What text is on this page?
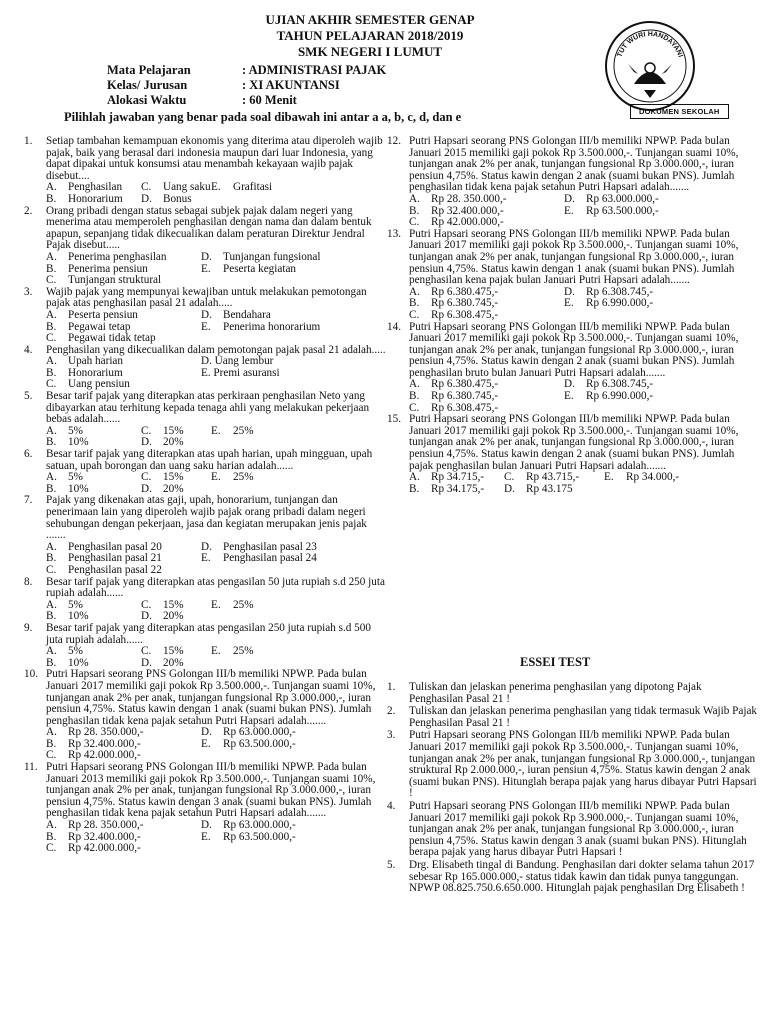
UJIAN AKHIR SEMESTER GENAP
TAHUN PELAJARAN 2018/2019
SMK NEGERI I LUMUT
Mata Pelajaran	: ADMINISTRASI PAJAK
Kelas/ Jurusan	: XI AKUNTANSI
Alokasi Waktu	: 60 Menit
Pilihlah jawaban yang benar pada soal dibawah ini antar a a, b, c, d, dan e
TUT WURI HANDAYANI
DOKUMEN SEKOLAH
1.	Setiap tambahan kemampuan ekonomis yang diterima atau diperoleh wajib pajak, baik yang berasal dari indonesia maupun dari luar Indonesia, yang dapat dipakai untuk konsumsi atau menambah kekayaan wajib pajak disebut....
A. Penghasilan C.	Uang saku E.	Grafitasi
B.	Honorarium D. Bonus
2.	Orang pribadi dengan status sebagai subjek pajak dalam negeri yang menerima atau memperoleh penghasilan dengan nama dan dalam bentuk apapun, sepanjang tidak dikecualikan dalam peraturan Direktur Jendral Pajak disebut.....
A. Penerima penghasilan	D. Tunjangan fungsional
B.	Penerima pensiun	E.	Peserta kegiatan
C.	Tunjangan struktural
3.	Wajib pajak yang mempunyai kewajiban untuk melakukan pemotongan pajak atas penghasilan pasal 21 adalah.....
A. Peserta pensiun	D. Bendahara
B.	Pegawai tetap	E.	Penerima honorarium
C.	Pegawai tidak tetap
4.	Penghasilan yang dikecualikan dalam pemotongan pajak pasal 21 adalah.....
A. Upah harian	D. Uang lembur
B.	Honorarium	E. Premi asuransi
C.	Uang pensiun
5.	Besar tarif pajak yang diterapkan atas perkiraan penghasilan Neto yang dibayarkan atau terhitung kepada tenaga ahli yang melakukan pekerjaan bebas adalah......
A. 5%	C.	15% E.	25%
B.	10%	D. 20%
6.	Besar tarif pajak yang diterapkan atas upah harian, upah mingguan, upah satuan, upah borongan dan uang saku harian adalah......
A. 5%	C.	15% E.	25%
B.	10%	D. 20%
7.	Pajak yang dikenakan atas gaji, upah, honorarium, tunjangan dan penerimaan lain yang diperoleh wajib pajak orang pribadi dalam negeri sehubungan dengan pekerjaan, jasa dan kegiatan merupakan jenis pajak .......
A. Penghasilan pasal 20	D. Penghasilan pasal 23
B.	Penghasilan pasal 21	E.	Penghasilan pasal 24
C.	Penghasilan pasal 22
8.	Besar tarif pajak yang diterapkan atas pengasilan 50 juta rupiah s.d 250 juta rupiah adalah......
A. 5%	C.	15% E.	25%
B.	10%	D. 20%
9.	Besar tarif pajak yang diterapkan atas pengasilan 250 juta rupiah s.d 500 juta rupiah adalah......
A. 5%	C.	15% E.	25%
B.	10%	D. 20%
10. Putri Hapsari seorang PNS Golongan III/b memiliki NPWP. Pada bulan Januari 2017 memiliki gaji pokok Rp 3.500.000,-. Tunjangan suami 10%, tunjangan anak 2% per anak, tunjangan fungsional Rp 3.000.000,-, iuran pensiun 4,75%. Status kawin dengan 1 anak (suami bukan PNS). Jumlah penghasilan tidak kena pajak setahun Putri Hapsari adalah.......
A. Rp 28. 350.000,-	D. Rp 63.000.000,-
B.	Rp 32.400.000,-	E.	Rp 63.500.000,-
C.	Rp 42.000.000,-
11. Putri Hapsari seorang PNS Golongan III/b memiliki NPWP. Pada bulan Januari 2013 memiliki gaji pokok Rp 3.500.000,-. Tunjangan suami 10%, tunjangan anak 2% per anak, tunjangan fungsional Rp 3.000.000,-, iuran pensiun 4,75%. Status kawin dengan 3 anak (suami bukan PNS). Jumlah penghasilan tidak kena pajak setahun Putri Hapsari adalah.......
A. Rp 28. 350.000,-	D. Rp 63.000.000,-
B.	Rp 32.400.000,-	E.	Rp 63.500.000,-
C.	Rp 42.000.000,-
12. Putri Hapsari seorang PNS Golongan III/b memiliki NPWP. Pada bulan Januari 2015 memiliki gaji pokok Rp 3.500.000,-. Tunjangan suami 10%, tunjangan anak 2% per anak, tunjangan fungsional Rp 3.000.000,-, iuran pensiun 4,75%. Status kawin dengan 2 anak (suami bukan PNS). Jumlah penghasilan tidak kena pajak setahun Putri Hapsari adalah.......
A. Rp 28. 350.000,-	D. Rp 63.000.000,-
B.	Rp 32.400.000,-	E.	Rp 63.500.000,-
C.	Rp 42.000.000,-
13. Putri Hapsari seorang PNS Golongan III/b memiliki NPWP. Pada bulan Januari 2017 memiliki gaji pokok Rp 3.500.000,-. Tunjangan suami 10%, tunjangan anak 2% per anak, tunjangan fungsional Rp 3.000.000,-, iuran pensiun 4,75%. Status kawin dengan 1 anak (suami bukan PNS). Jumlah penghasilan kena pajak bulan Januari Putri Hapsari adalah.......
A. Rp 6.380.475,-	D. Rp 6.308.745,-
B.	Rp 6.380.745,-	E.	Rp 6.990.000,-
C.	Rp 6.308.475,-
14. Putri Hapsari seorang PNS Golongan III/b memiliki NPWP. Pada bulan Januari 2017 memiliki gaji pokok Rp 3.500.000,-. Tunjangan suami 10%, tunjangan anak 2% per anak, tunjangan fungsional Rp 3.000.000,-, iuran pensiun 4,75%. Status kawin dengan 2 anak (suami bukan PNS). Jumlah penghasilan bruto bulan Januari Putri Hapsari adalah.......
A. Rp 6.380.475,-	D. Rp 6.308.745,-
B.	Rp 6.380.745,-	E.	Rp 6.990.000,-
C.	Rp 6.308.475,-
15. Putri Hapsari seorang PNS Golongan III/b memiliki NPWP. Pada bulan Januari 2017 memiliki gaji pokok Rp 3.500.000,-. Tunjangan suami 10%, tunjangan anak 2% per anak, tunjangan fungsional Rp 3.000.000,-, iuran pensiun 4,75%. Status kawin dengan 2 anak (suami bukan PNS). Jumlah pajak penghasilan bulan Januari Putri Hapsari adalah.......
A. Rp 34.715,- C.	Rp 43.715,- E.	Rp 34.000,-
B.	Rp 34.175,- D. Rp 43.175
ESSEI TEST
1.	Tuliskan dan jelaskan penerima penghasilan yang dipotong Pajak Penghasilan Pasal 21 !
2.	Tuliskan dan jelaskan penerima penghasilan yang tidak termasuk Wajib Pajak Penghasilan Pasal 21 !
3.	Putri Hapsari seorang PNS Golongan III/b memiliki NPWP. Pada bulan Januari 2017 memiliki gaji pokok Rp 3.500.000,-. Tunjangan suami 10%, tunjangan anak 2% per anak, tunjangan fungsional Rp 3.000.000,-, tunjangan struktural Rp 2.000.000,-, iuran pensiun 4,75%. Status kawin dengan 2 anak (suami bukan PNS). Hitunglah berapa pajak yang harus dibayar Putri Hapsari !
4.	Putri Hapsari seorang PNS Golongan III/b memiliki NPWP. Pada bulan Januari 2017 memiliki gaji pokok Rp 3.900.000,-. Tunjangan suami 10%, tunjangan anak 2% per anak, tunjangan fungsional Rp 3.000.000,-, iuran pensiun 4,75%. Status kawin dengan 3 anak (suami bukan PNS). Hitunglah berapa pajak yang harus dibayar Putri Hapsari !
5.	Drg. Elisabeth tingal di Bandung. Penghasilan dari dokter selama tahun 2017 sebesar Rp 165.000.000,- status tidak kawin dan tidak punya tanggungan. NPWP 08.825.750.6.650.000. Hitunglah pajak penghasilan Drg Elisabeth !
